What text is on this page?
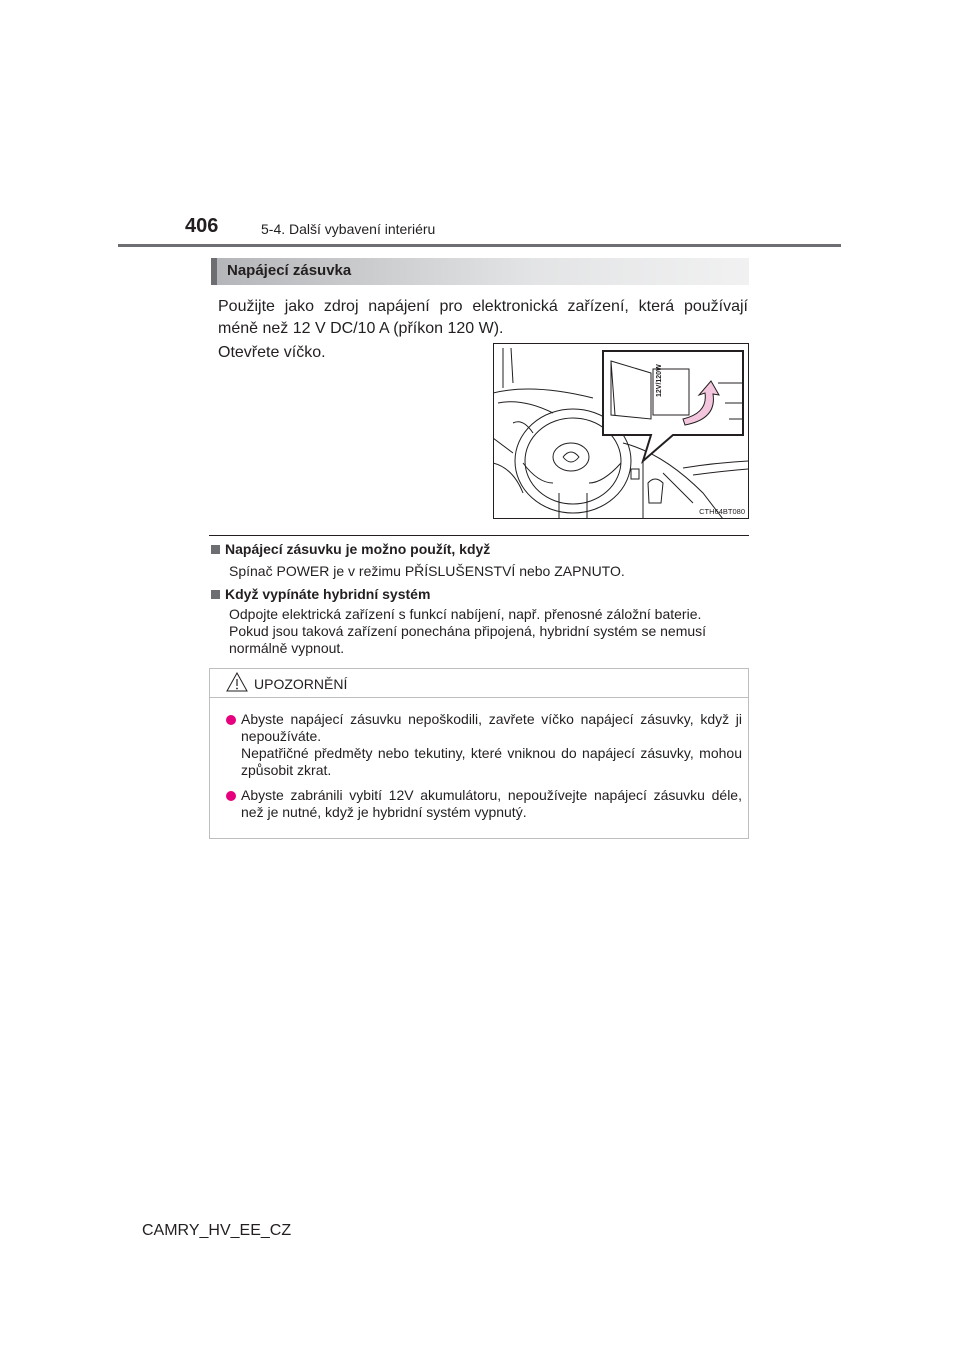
406	5-4. Další vybavení interiéru
Napájecí zásuvka
Použijte jako zdroj napájení pro elektronická zařízení, která používají méně než 12 V DC/10 A (příkon 120 W).
Otevřete víčko.
12V/120W
CTH64BT080
Napájecí zásuvku je možno použít, když
Spínač POWER je v režimu PŘÍSLUŠENSTVÍ nebo ZAPNUTO.
Když vypínáte hybridní systém
Odpojte elektrická zařízení s funkcí nabíjení, např. přenosné záložní baterie.
Pokud jsou taková zařízení ponechána připojená, hybridní systém se nemusí
normálně vypnout.
UPOZORNĚNÍ
Abyste napájecí zásuvku nepoškodili, zavřete víčko napájecí zásuvky, když ji nepoužíváte.
Nepatřičné předměty nebo tekutiny, které vniknou do napájecí zásuvky, mohou způsobit zkrat.
Abyste zabránili vybití 12V akumulátoru, nepoužívejte napájecí zásuvku déle, než je nutné, když je hybridní systém vypnutý.
CAMRY_HV_EE_CZ
